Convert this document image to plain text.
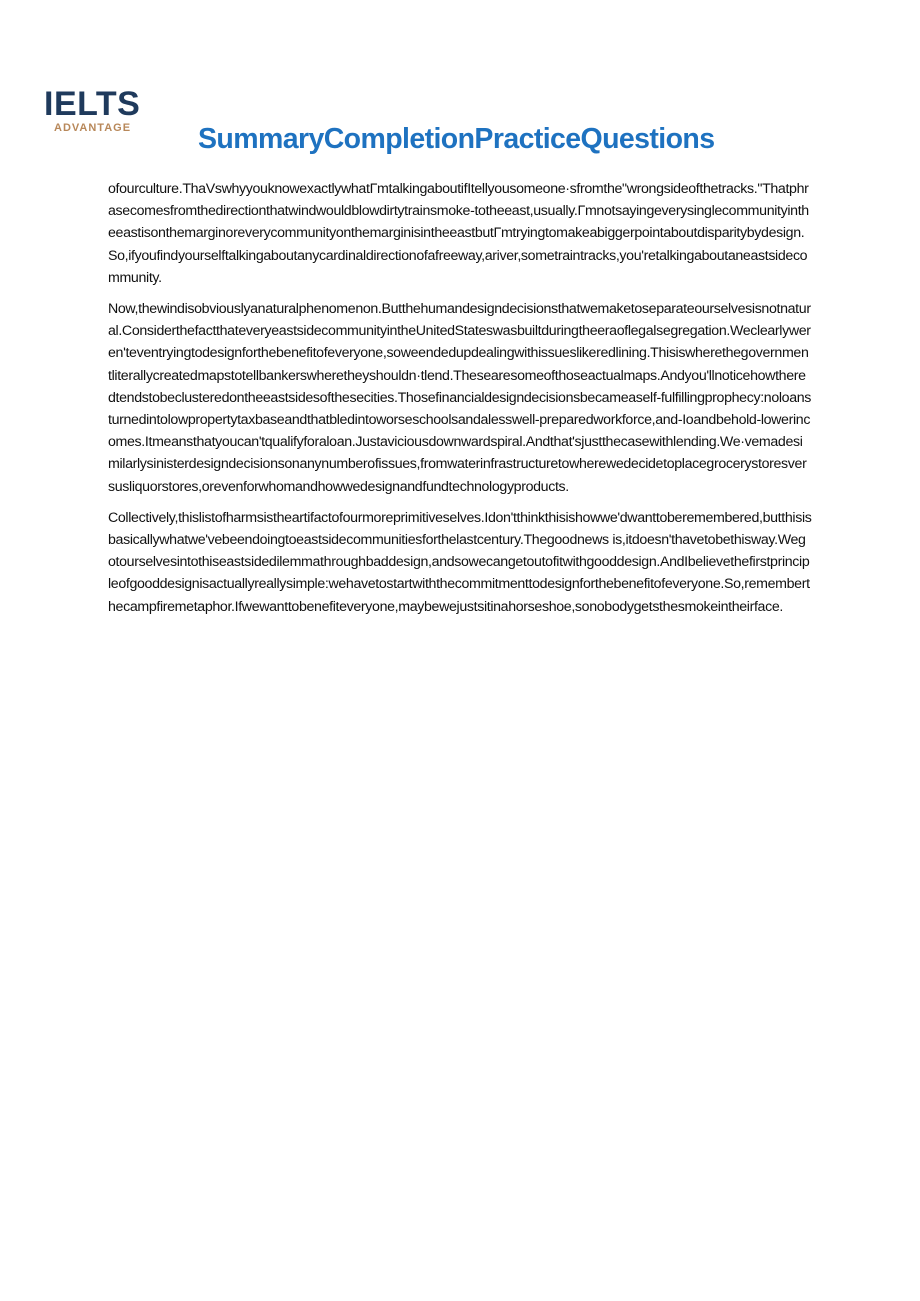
IELTS
ADVANTAGE SummaryCompletionPracticeQuestions

ofourculture.ThaVswhyyouknowexactlywhatΓmtalkingaboutifItellyousomeone·sfromthe"wrongsideofthetracks."Thatphrasecomesfromthedirectionthatwindwouldblowdirtytrainsmoke-totheeast,usually.ΓmnotsayingeverysinglecommunityintheeastisonthemarginoreverycommunityonthemarginisintheeastbutΓmtryingtomakeabiggerpointaboutdisparitybydesign.So,ifyoufindyourselftalkingaboutanycardinaldirectionofafreeway,ariver,sometraintracks,you'retalkingaboutaneastsidecommunity.

Now,thewindisobviouslyanaturalphenomenon.Butthehumandesigndecisionsthatwemaketoseparateourselvesisnotnatural.ConsiderthefactthateveryeastsidecommunityintheUnitedStateswasbuiltduringtheeraoflegalsegregation.Weclearlyweren'teventryingtodesignforthebenefitofeveryone,soweendedupdealingwithissueslikeredlining.Thisiswherethegovernmentliterallycreatedmapstotellbankerswheretheyshouldn·tlend.Thesearesomeofthoseactualmaps.Andyou'llnoticehowtheredtendstobeclusteredontheeastsidesofthesecities.Thosefinancialdesigndecisionsbecameaself-fulfillingprophecy:noloansturnedintolowpropertytaxbaseandthatbledintoworseschoolsandalesswell-preparedworkforce,and-Ioandbehold-lowerincomes.Itmeansthatyoucan'tqualifyforaloan.Justaviciousdownwardspiral.Andthat'sjustthecasewithlending.We·vemadesimilarlysinisterdesigndecisionsonanynumberofissues,fromwaterinfrastructuretowherewedecidetoplacegrocerystoresversusliquorstores,orevenforwhomandhowwedesignandfundtechnologyproducts.

Collectively,thislistofharmsistheartifactofourmoreprimitiveselves.Idon'tthinkthisishowwe'dwanttoberemembered,butthisisbasicallywhatwe'vebeendoingtoeastsidecommunitiesforthelastcentury.Thegoodnews is,itdoesn'thavetobethisway.Wegotourselvesintothiseastsidedilemmathroughbaddesign,andsowecangetoutofitwithgooddesign.AndIbelievethefirstprincipleofgooddesignisactuallyreallysimple:wehavetostartwiththecommitmenttodesignforthebenefitofeveryone.So,rememberthecampfiremetaphor.Ifwewanttobenefiteveryone,maybewejustsitinahorseshoe,sonobodygetsthesmokeintheirface.
